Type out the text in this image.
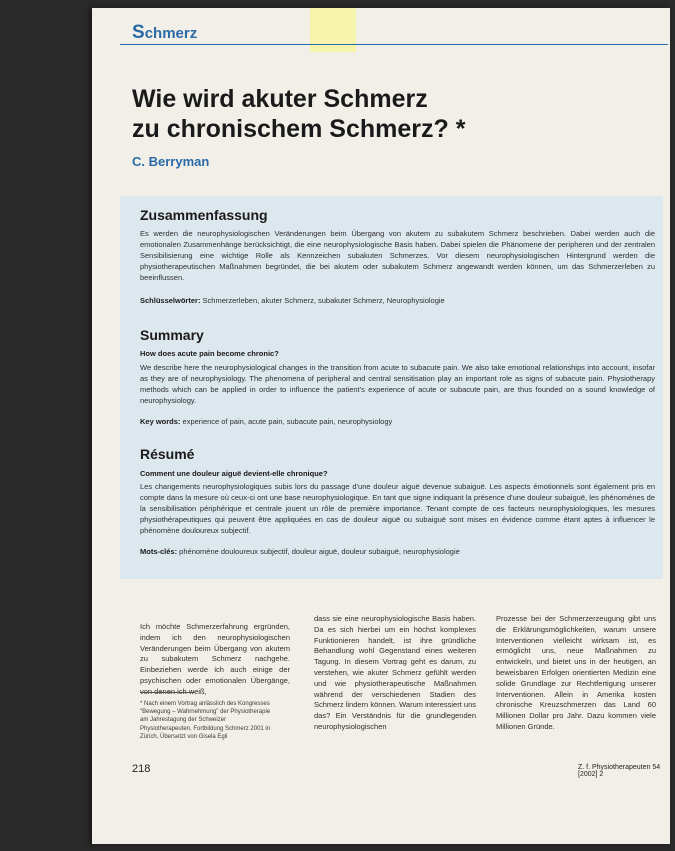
Schmerz
Wie wird akuter Schmerz
zu chronischem Schmerz? *
C. Berryman
Zusammenfassung
Es werden die neurophysiologischen Veränderungen beim Übergang von akutem zu subakutem Schmerz beschrieben. Dabei werden auch die emotionalen Zusammenhänge berücksichtigt, die eine neurophysiologische Basis haben. Dabei spielen die Phänomene der peripheren und der zentralen Sensibilisierung eine wichtige Rolle als Kennzeichen subakuten Schmerzes. Vor diesem neurophysiologischen Hintergrund werden die physiotherapeutischen Maßnahmen begründet, die bei akutem oder subakutem Schmerz angewandt werden können, um das Schmerzerleben zu beeinflussen.
Schlüsselwörter: Schmerzerleben, akuter Schmerz, subakuter Schmerz, Neurophysiologie
Summary
How does acute pain become chronic?
We describe here the neurophysiological changes in the transition from acute to subacute pain. We also take emotional relationships into account, insofar as they are of neurophysiology. The phenomena of peripheral and central sensitisation play an important role as signs of subacute pain. Physiotherapy methods which can be applied in order to influence the patient's experience of acute or subacute pain, are thus founded on a sound knowledge of neurophysiology.
Key words: experience of pain, acute pain, subacute pain, neurophysiology
Résumé
Comment une douleur aiguë devient-elle chronique?
Les changements neurophysiologiques subis lors du passage d'une douleur aiguë devenue subaiguë. Les aspects émotionnels sont également pris en compte dans la mesure où ceux-ci ont une base neurophysiologique. En tant que signe indiquant la présence d'une douleur subaiguë, les phénomènes de la sensibilisation périphérique et centrale jouent un rôle de première importance. Tenant compte de ces facteurs neurophysiologiques, les mesures physiothérapeutiques qui peuvent être appliquées en cas de douleur aiguë ou subaiguë sont mises en évidence comme étant aptes à influencer le phénomène douloureux subjectif.
Mots-clés: phénomène douloureux subjectif, douleur aiguë, douleur subaiguë, neurophysiologie
Ich möchte Schmerzerfahrung ergründen, indem ich den neurophysiologischen Veränderungen beim Übergang von akutem zu subakutem Schmerz nachgehe. Einbeziehen werde ich auch einige der psychischen oder emotionalen Übergänge, von denen ich weiß,
dass sie eine neurophysiologische Basis haben. Da es sich hierbei um ein höchst komplexes Funktionieren handelt, ist ihre gründliche Behandlung wohl Gegenstand eines weiteren Tagung. In diesem Vortrag geht es darum, zu verstehen, wie akuter Schmerz gefühlt werden und wie physiotherapeutische Maßnahmen während der verschiedenen Stadien des Schmerz lindern können. Warum interessiert uns das? Ein Verständnis für die grundlegenden neurophysiologischen
Prozesse bei der Schmerzerzeugung gibt uns die Erklärungsmöglichkeiten, warum unsere Interventionen vielleicht wirksam ist, es ermöglicht uns, neue Maßnahmen zu entwickeln, und bietet uns in der heutigen, an beweisbaren Erfolgen orientierten Medizin eine solide Grundlage zur Rechtfertigung unserer Interventionen. Allein in Amerika kosten chronische Kreuzschmerzen das Land 60 Millionen Dollar pro Jahr. Dazu kommen viele Millionen Gründe.
* Nach einem Vortrag anlässlich des Kongresses "Bewegung – Wahrnehmung" der Physiotherapie am Jahrestagung der Schweizer Physiotherapeuten, Fortbildung Schmerz 2001 in Zürich, Übersetzt von Gisela Egli
218	Z. f. Physiotherapeuten 54 [2002] 2
